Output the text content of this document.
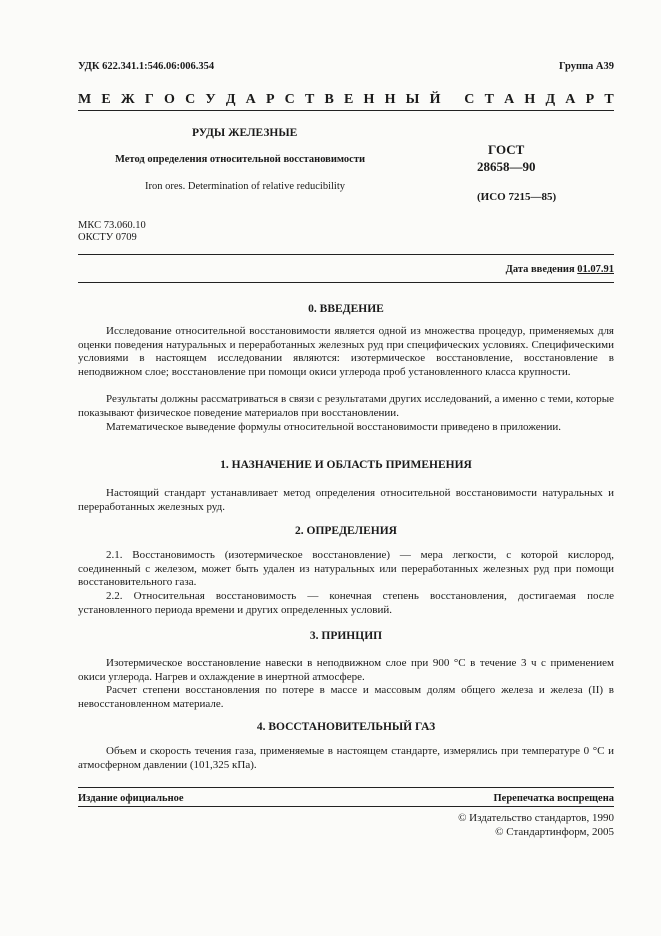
УДК 622.341.1:546.06:006.354	Группа А39
М Е Ж Г О С У Д А Р С Т В Е Н Н Ы Й
С Т А Н Д А Р Т
РУДЫ ЖЕЛЕЗНЫЕ
Метод определения относительной восстановимости
Iron ores. Determination of relative reducibility
ГОСТ
28658—90
(ИСО 7215—85)
МКС 73.060.10
ОКСТУ 0709
Дата введения 01.07.91
0. ВВЕДЕНИЕ
Исследование относительной восстановимости является одной из множества процедур, применяемых для оценки поведения натуральных и переработанных железных руд при специфических условиях. Специфическими условиями в настоящем исследовании являются: изотермическое восстановление, восстановление в неподвижном слое; восстановление при помощи окиси углерода проб установленного класса крупности.
Результаты должны рассматриваться в связи с результатами других исследований, а именно с теми, которые показывают физическое поведение материалов при восстановлении.
Математическое выведение формулы относительной восстановимости приведено в приложении.
1. НАЗНАЧЕНИЕ И ОБЛАСТЬ ПРИМЕНЕНИЯ
Настоящий стандарт устанавливает метод определения относительной восстановимости натуральных и переработанных железных руд.
2. ОПРЕДЕЛЕНИЯ
2.1. Восстановимость (изотермическое восстановление) — мера легкости, с которой кислород, соединенный с железом, может быть удален из натуральных или переработанных железных руд при помощи восстановительного газа.
2.2. Относительная восстановимость — конечная степень восстановления, достигаемая после установленного периода времени и других определенных условий.
3. ПРИНЦИП
Изотермическое восстановление навески в неподвижном слое при 900 °С в течение 3 ч с применением окиси углерода. Нагрев и охлаждение в инертной атмосфере.
Расчет степени восстановления по потере в массе и массовым долям общего железа и железа (II) в невосстановленном материале.
4. ВОССТАНОВИТЕЛЬНЫЙ ГАЗ
Объем и скорость течения газа, применяемые в настоящем стандарте, измерялись при температуре 0 °С и атмосферном давлении (101,325 кПа).
Издание официальное	Перепечатка воспрещена
© Издательство стандартов, 1990
© Стандартинформ, 2005
